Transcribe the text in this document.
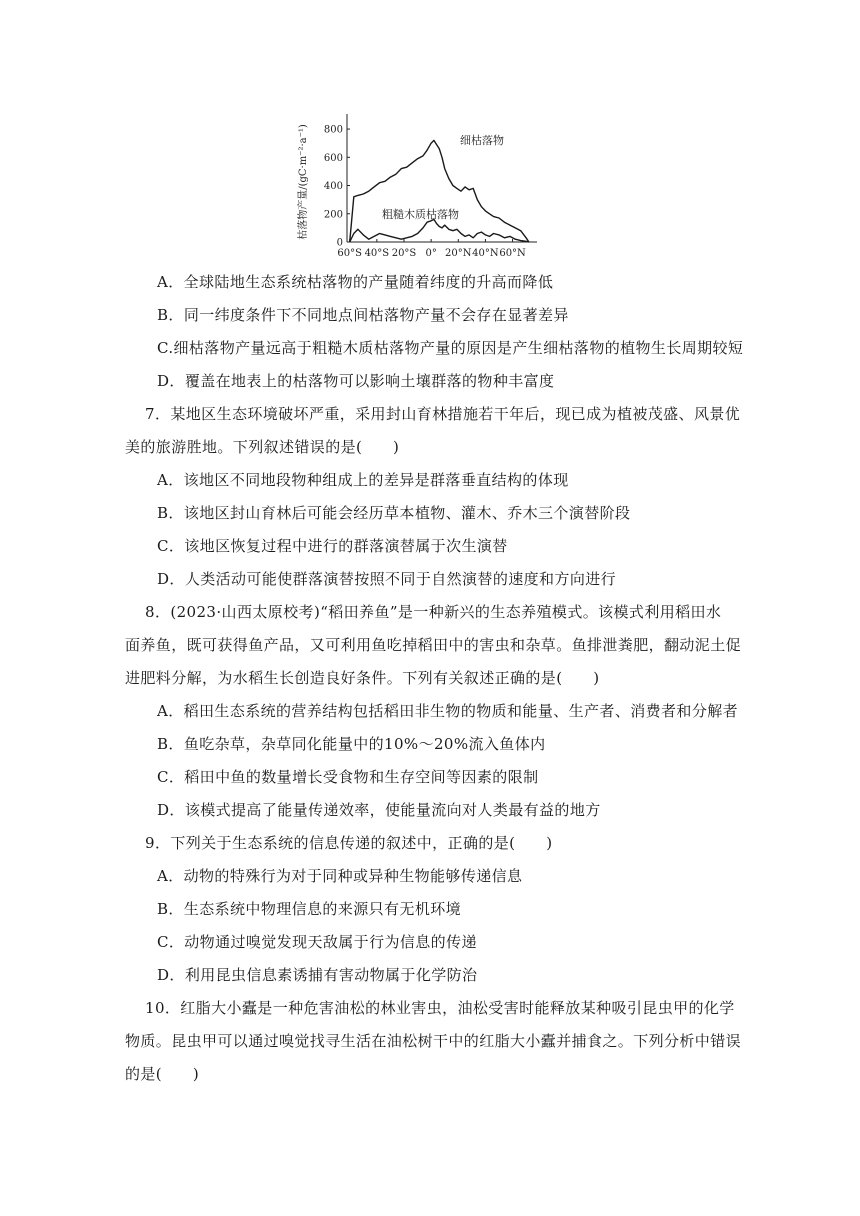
800
600
400
200
0
60°S 40°S 20°S 0° 20°N 40°N 60°N
枯落物产量/(gC·m⁻²·a⁻¹)	细枯落物
粗糙木质枯落物
A．全球陆地生态系统枯落物的产量随着纬度的升高而降低
B．同一纬度条件下不同地点间枯落物产量不会存在显著差异
C.细枯落物产量远高于粗糙木质枯落物产量的原因是产生细枯落物的植物生长周期较短
D．覆盖在地表上的枯落物可以影响土壤群落的物种丰富度
7．某地区生态环境破坏严重，采用封山育林措施若干年后，现已成为植被茂盛、风景优
美的旅游胜地。下列叙述错误的是(　　)
A．该地区不同地段物种组成上的差异是群落垂直结构的体现
B．该地区封山育林后可能会经历草本植物、灌木、乔木三个演替阶段
C．该地区恢复过程中进行的群落演替属于次生演替
D．人类活动可能使群落演替按照不同于自然演替的速度和方向进行
8．(2023·山西太原校考)“稻田养鱼”是一种新兴的生态养殖模式。该模式利用稻田水
面养鱼，既可获得鱼产品，又可利用鱼吃掉稻田中的害虫和杂草。鱼排泄粪肥，翻动泥土促
进肥料分解，为水稻生长创造良好条件。下列有关叙述正确的是(　　)
A．稻田生态系统的营养结构包括稻田非生物的物质和能量、生产者、消费者和分解者
B．鱼吃杂草，杂草同化能量中的10%～20%流入鱼体内
C．稻田中鱼的数量增长受食物和生存空间等因素的限制
D．该模式提高了能量传递效率，使能量流向对人类最有益的地方
9．下列关于生态系统的信息传递的叙述中，正确的是(　　)
A．动物的特殊行为对于同种或异种生物能够传递信息
B．生态系统中物理信息的来源只有无机环境
C．动物通过嗅觉发现天敌属于行为信息的传递
D．利用昆虫信息素诱捕有害动物属于化学防治
10．红脂大小蠹是一种危害油松的林业害虫，油松受害时能释放某种吸引昆虫甲的化学
物质。昆虫甲可以通过嗅觉找寻生活在油松树干中的红脂大小蠹并捕食之。下列分析中错误
的是(　　)
